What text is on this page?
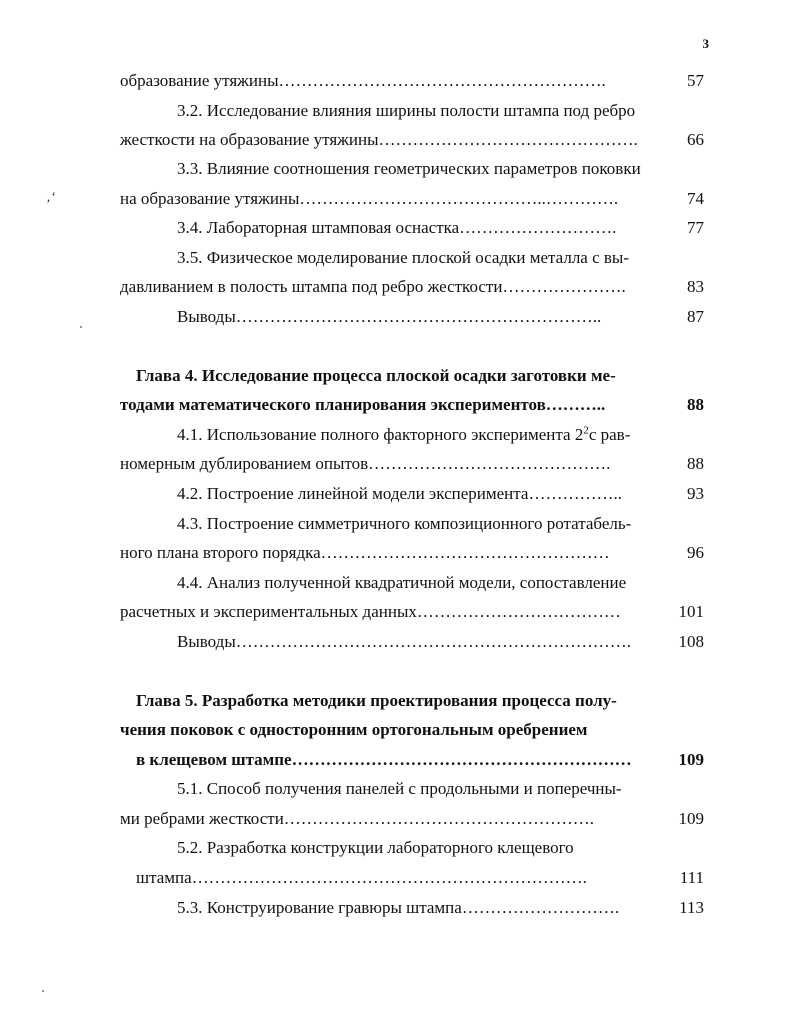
3
‚‘
образование утяжины………………………………………………….	57
3.2. Исследование влияния ширины полости штампа под ребро
жесткости на образование утяжины……………………………………….	66
3.3. Влияние соотношения геометрических параметров поковки
на образование утяжины……………………………………..………….	74
3.4. Лабораторная штамповая оснастка……………………….	77
3.5. Физическое моделирование плоской осадки металла с вы-
давливанием в полость штампа под ребро жесткости………………….	83
Выводы………………………………………………………..	87
Глава 4. Исследование процесса плоской осадки заготовки ме-
тодами математического планирования экспериментов………..	88
4.1. Использование полного факторного эксперимента $2^2с$ рав-
номерным дублированием опытов…………………………………….	88
4.2. Построение линейной модели эксперимента……………..	93
4.3. Построение симметричного композиционного ротатабель-
ного плана второго порядка……………………………………………	96
4.4. Анализ полученной квадратичной модели, сопоставление
расчетных и экспериментальных данных………………………………	101
Выводы…………………………………………………………….	108
Глава 5. Разработка методики проектирования процесса полу-
чения поковок с односторонним ортогональным оребрением
в клещевом штампе……………………………………………………	109
5.1. Способ получения панелей с продольными и поперечны-
ми ребрами жесткости……………………………………………….	109
5.2. Разработка конструкции лабораторного клещевого
штампа…………………………………………………………….	111
5.3. Конструирование гравюры штампа……………………….	113
